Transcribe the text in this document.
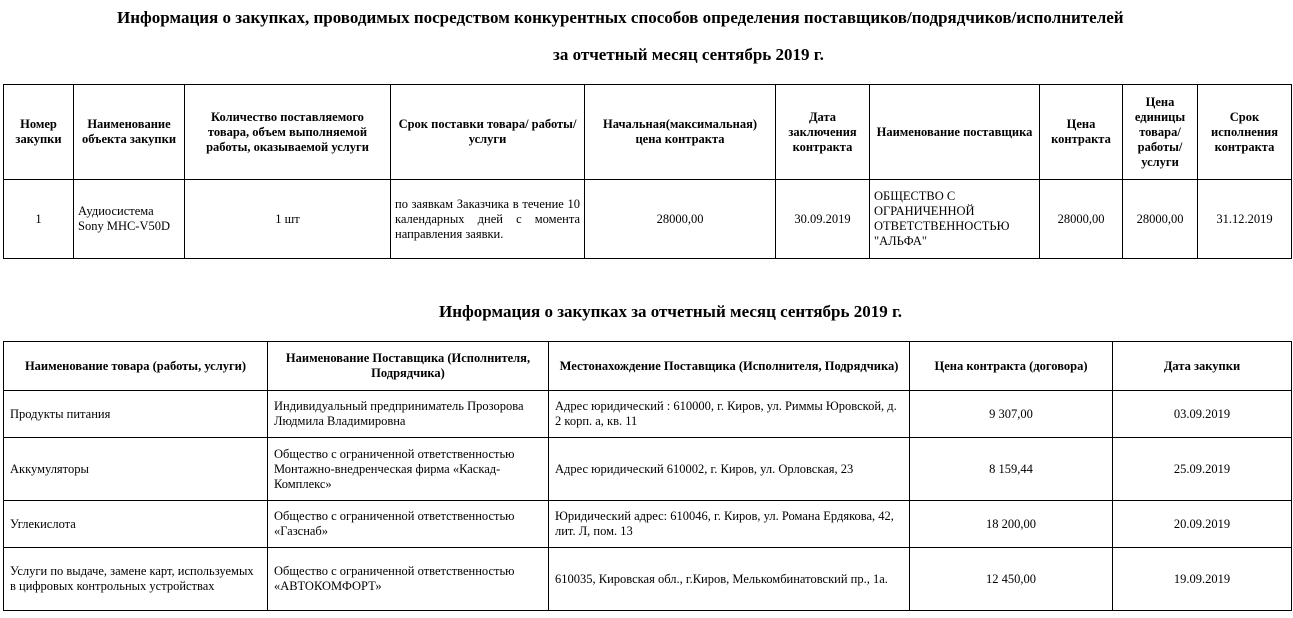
Информация о закупках, проводимых посредством конкурентных способов определения поставщиков/подрядчиков/исполнителей
за отчетный месяц сентябрь 2019 г.
Номер закупки	Наименование объекта закупки	Количество поставляемого товара, объем выполняемой работы, оказываемой услуги	Срок поставки товара/ работы/услуги	Начальная(максимальная) цена контракта	Дата заключения контракта	Наименование поставщика	Цена контракта	Цена единицы товара/ работы/ услуги	Срок исполнения контракта
1	Аудиосистема Sony MHC-V50D	1 шт	по заявкам Заказчика в течение 10 календарных дней с момента направления заявки.	28000,00	30.09.2019	ОБЩЕСТВО С ОГРАНИЧЕННОЙ ОТВЕТСТВЕННОСТЬЮ "АЛЬФА"	28000,00	28000,00	31.12.2019
Информация о закупках за отчетный месяц сентябрь 2019 г.
Наименование товара (работы, услуги)	Наименование Поставщика (Исполнителя, Подрядчика)	Местонахождение Поставщика (Исполнителя, Подрядчика)	Цена контракта (договора)	Дата закупки
Продукты питания	Индивидуальный предприниматель Прозорова Людмила Владимировна	Адрес юридический : 610000, г. Киров, ул. Риммы Юровской, д. 2 корп. а, кв. 11	9 307,00	03.09.2019
Аккумуляторы	Общество с ограниченной ответственностью Монтажно-внедренческая фирма «Каскад-Комплекс»	Адрес юридический 610002, г. Киров, ул. Орловская, 23	8 159,44	25.09.2019
Углекислота	Общество с ограниченной ответственностью «Газснаб»	Юридический адрес: 610046, г. Киров, ул. Романа Ердякова, 42, лит. Л, пом. 13	18 200,00	20.09.2019
Услуги по выдаче, замене карт, используемых в цифровых контрольных устройствах	Общество с ограниченной ответственностью «АВТОКОМФОРТ»	610035, Кировская обл., г.Киров, Мелькомбинатовский пр., 1а.	12 450,00	19.09.2019
